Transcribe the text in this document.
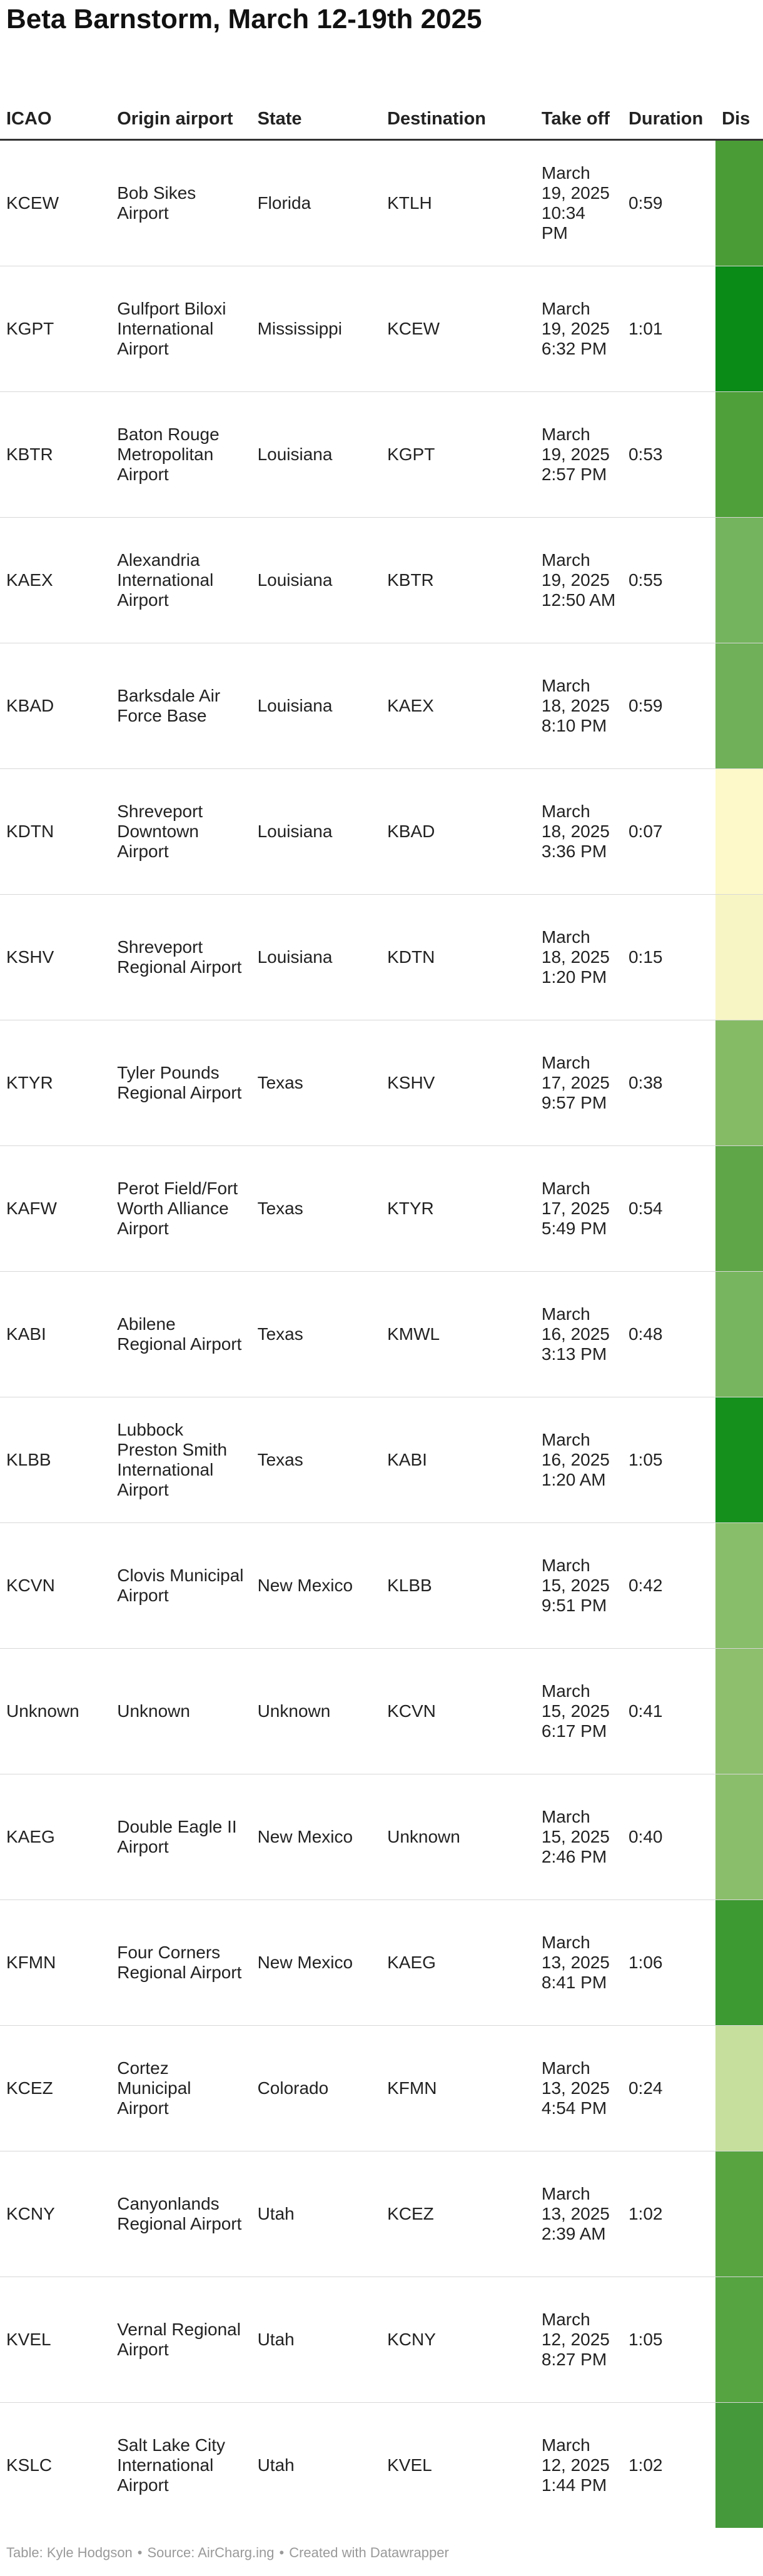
Beta Barnstorm, March 12-19th 2025
ICAO	Origin airport	State	Destination	Take off	Duration	Dis
KCEW	Bob Sikes Airport	Florida	KTLH	March 19, 2025 10:34 PM	0:59	

KGPT	Gulfport Biloxi International Airport	Mississippi	KCEW	March 19, 2025 6:32 PM	1:01	

KBTR	Baton Rouge Metropolitan Airport	Louisiana	KGPT	March 19, 2025 2:57 PM	0:53	

KAEX	Alexandria International Airport	Louisiana	KBTR	March 19, 2025 12:50 AM	0:55	

KBAD	Barksdale Air Force Base	Louisiana	KAEX	March 18, 2025 8:10 PM	0:59	

KDTN	Shreveport Downtown Airport	Louisiana	KBAD	March 18, 2025 3:36 PM	0:07	

KSHV	Shreveport Regional Airport	Louisiana	KDTN	March 18, 2025 1:20 PM	0:15	

KTYR	Tyler Pounds Regional Airport	Texas	KSHV	March 17, 2025 9:57 PM	0:38	

KAFW	Perot Field/Fort Worth Alliance Airport	Texas	KTYR	March 17, 2025 5:49 PM	0:54	

KABI	Abilene Regional Airport	Texas	KMWL	March 16, 2025 3:13 PM	0:48	

KLBB	Lubbock Preston Smith International Airport	Texas	KABI	March 16, 2025 1:20 AM	1:05	

KCVN	Clovis Municipal Airport	New Mexico	KLBB	March 15, 2025 9:51 PM	0:42	

Unknown	Unknown	Unknown	KCVN	March 15, 2025 6:17 PM	0:41	

KAEG	Double Eagle II Airport	New Mexico	Unknown	March 15, 2025 2:46 PM	0:40	

KFMN	Four Corners Regional Airport	New Mexico	KAEG	March 13, 2025 8:41 PM	1:06	

KCEZ	Cortez Municipal Airport	Colorado	KFMN	March 13, 2025 4:54 PM	0:24	

KCNY	Canyonlands Regional Airport	Utah	KCEZ	March 13, 2025 2:39 AM	1:02	

KVEL	Vernal Regional Airport	Utah	KCNY	March 12, 2025 8:27 PM	1:05	

KSLC	Salt Lake City International Airport	Utah	KVEL	March 12, 2025 1:44 PM	1:02	
Table: Kyle Hodgson • Source: AirCharg.ing • Created with Datawrapper
